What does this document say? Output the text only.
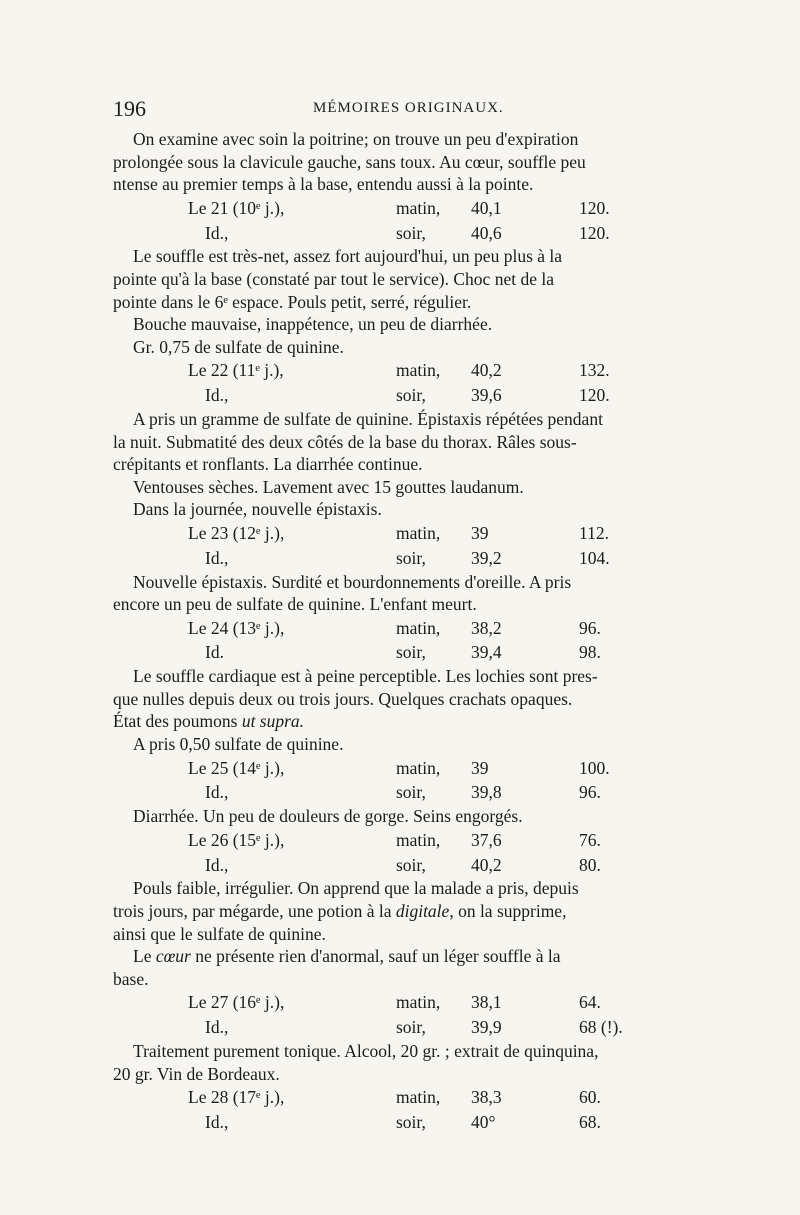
196	MÉMOIRES ORIGINAUX.
On examine avec soin la poitrine; on trouve un peu d'expiration
prolongée sous la clavicule gauche, sans toux. Au cœur, souffle peu
ntense au premier temps à la base, entendu aussi à la pointe.
Le 21 (10ᵉ j.),	matin, 40,1	120.
Id.,	soir,	40,6	120.
Le souffle est très-net, assez fort aujourd'hui, un peu plus à la
pointe qu'à la base (constaté par tout le service). Choc net de la
pointe dans le 6ᵉ espace. Pouls petit, serré, régulier.
Bouche mauvaise, inappétence, un peu de diarrhée.
Gr. 0,75 de sulfate de quinine.
Le 22 (11ᵉ j.),	matin, 40,2	132.
Id.,	soir,	39,6	120.
A pris un gramme de sulfate de quinine. Épistaxis répétées pendant
la nuit. Submatité des deux côtés de la base du thorax. Râles sous-
crépitants et ronflants. La diarrhée continue.
Ventouses sèches. Lavement avec 15 gouttes laudanum.
Dans la journée, nouvelle épistaxis.
Le 23 (12ᵉ j.),	matin, 39	112.
Id.,	soir,	39,2	104.
Nouvelle épistaxis. Surdité et bourdonnements d'oreille. A pris
encore un peu de sulfate de quinine. L'enfant meurt.
Le 24 (13ᵉ j.),	matin, 38,2	96.
Id.	soir,	39,4	98.
Le souffle cardiaque est à peine perceptible. Les lochies sont pres-
que nulles depuis deux ou trois jours. Quelques crachats opaques.
État des poumons ut supra.
A pris 0,50 sulfate de quinine.
Le 25 (14ᵉ j.),	matin, 39	100.
Id.,	soir,	39,8	96.
Diarrhée. Un peu de douleurs de gorge. Seins engorgés.
Le 26 (15ᵉ j.),	matin, 37,6	76.
Id.,	soir,	40,2	80.
Pouls faible, irrégulier. On apprend que la malade a pris, depuis
trois jours, par mégarde, une potion à la digitale, on la supprime,
ainsi que le sulfate de quinine.
Le cœur ne présente rien d'anormal, sauf un léger souffle à la
base.
Le 27 (16ᵉ j.),	matin, 38,1	64.
Id.,	soir,	39,9	68 (!).
Traitement purement tonique. Alcool, 20 gr. ; extrait de quinquina,
20 gr. Vin de Bordeaux.
Le 28 (17ᵉ j.),	matin, 38,3	60.
Id.,	soir,	40°	68.
